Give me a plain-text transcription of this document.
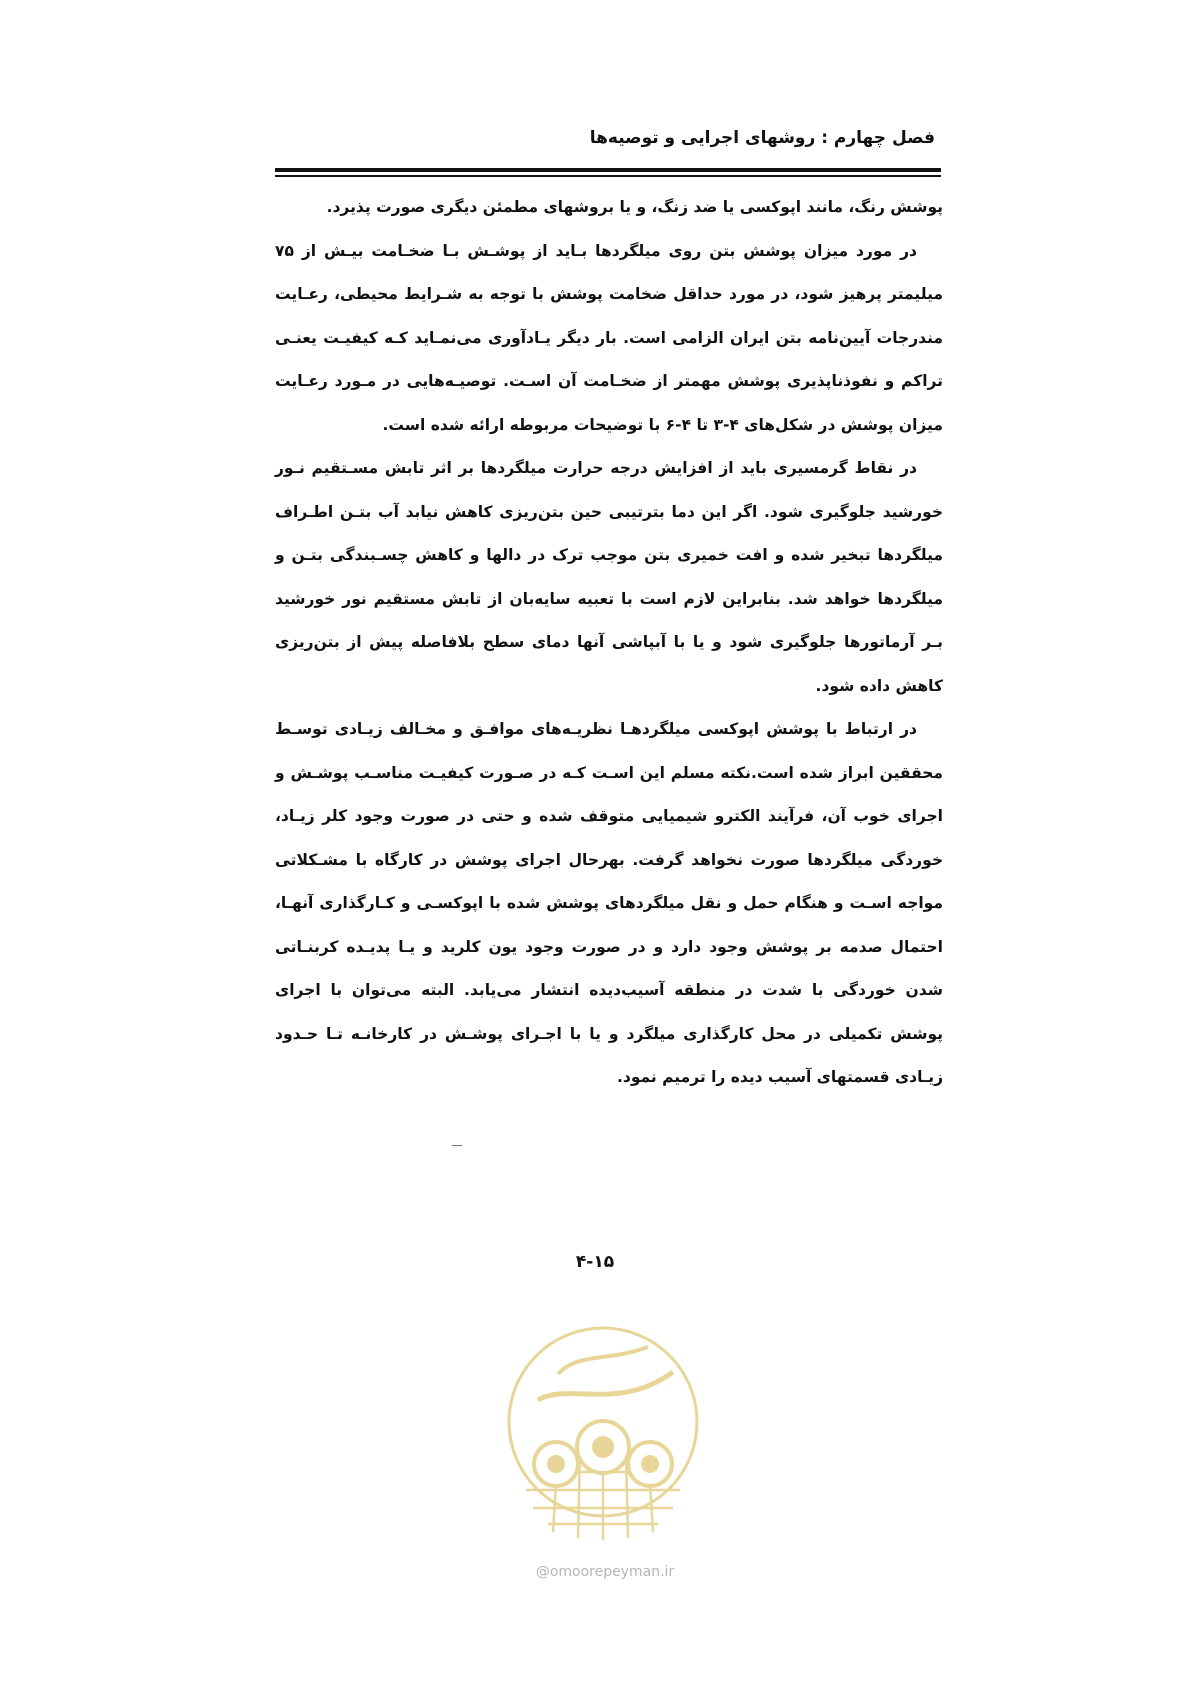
فصل چهارم : روشهای اجرایی و توصیه‌ها

پوشش رنگ، مانند اپوکسی یا ضد زنگ، و یا بروشهای مطمئن دیگری صورت پذیرد.

در مورد میزان پوشش بتن روی میلگردها بـاید از پوشـش بـا ضخـامت بیـش از ۷۵ میلیمتر پرهیز شود، در مورد حداقل ضخامت پوشش با توجه به شـرایط محیطی، رعـایت مندرجات آیین‌نامه بتن ایران الزامی است. بار دیگر یـادآوری می‌نمـاید کـه کیفیـت یعنـی تراکم و نفوذناپذیری پوشش مهمتر از ضخـامت آن اسـت. توصیـه‌هایی در مـورد رعـایت میزان پوشش در شکل‌های ۴-۳ تا ۴-۶ با توضیحات مربوطه ارائه شده است.

در نقاط گرمسیری باید از افزایش درجه حرارت میلگردها بر اثر تابش مسـتقیم نـور خورشید جلوگیری شود. اگر این دما بترتیبی حین بتن‌ریزی کاهش نیابد آب بتـن اطـراف میلگردها تبخیر شده و افت خمیری بتن موجب ترک در دالها و کاهش چسـبندگی بتـن و میلگردها خواهد شد. بنابراین لازم است با تعبیه سایه‌بان از تابش مستقیم نور خورشید بـر آرماتورها جلوگیری شود و یا با آبپاشی آنها دمای سطح بلافاصله پیش از بتن‌ریزی کاهش داده شود.

در ارتباط با پوشش اپوکسی میلگردهـا نظریـه‌های موافـق و مخـالف زیـادی توسـط محققین ابراز شده است.نکته مسلم این اسـت کـه در صـورت کیفیـت مناسـب پوشـش و اجرای خوب آن، فرآیند الکترو شیمیایی متوقف شده و حتی در صورت وجود کلر زیـاد، خوردگی میلگردها صورت نخواهد گرفت. بهرحال اجرای پوشش در کارگاه با مشـکلاتی مواجه اسـت و هنگام حمل و نقل میلگردهای پوشش شده با اپوکسـی و کـارگذاری آنهـا، احتمال صدمه بر پوشش وجود دارد و در صورت وجود یون کلرید و یـا پدیـده کربنـاتی شدن خوردگی با شدت در منطقه آسیب‌دیده انتشار می‌یابد. البته می‌توان با اجرای پوشش تکمیلی در محل کارگذاری میلگرد و یا با اجـرای پوشـش در کارخانـه تـا حـدود زیـادی قسمتهای آسیب دیده را ترمیم نمود.

۴-۱۵
@omoorepeyman.ir
